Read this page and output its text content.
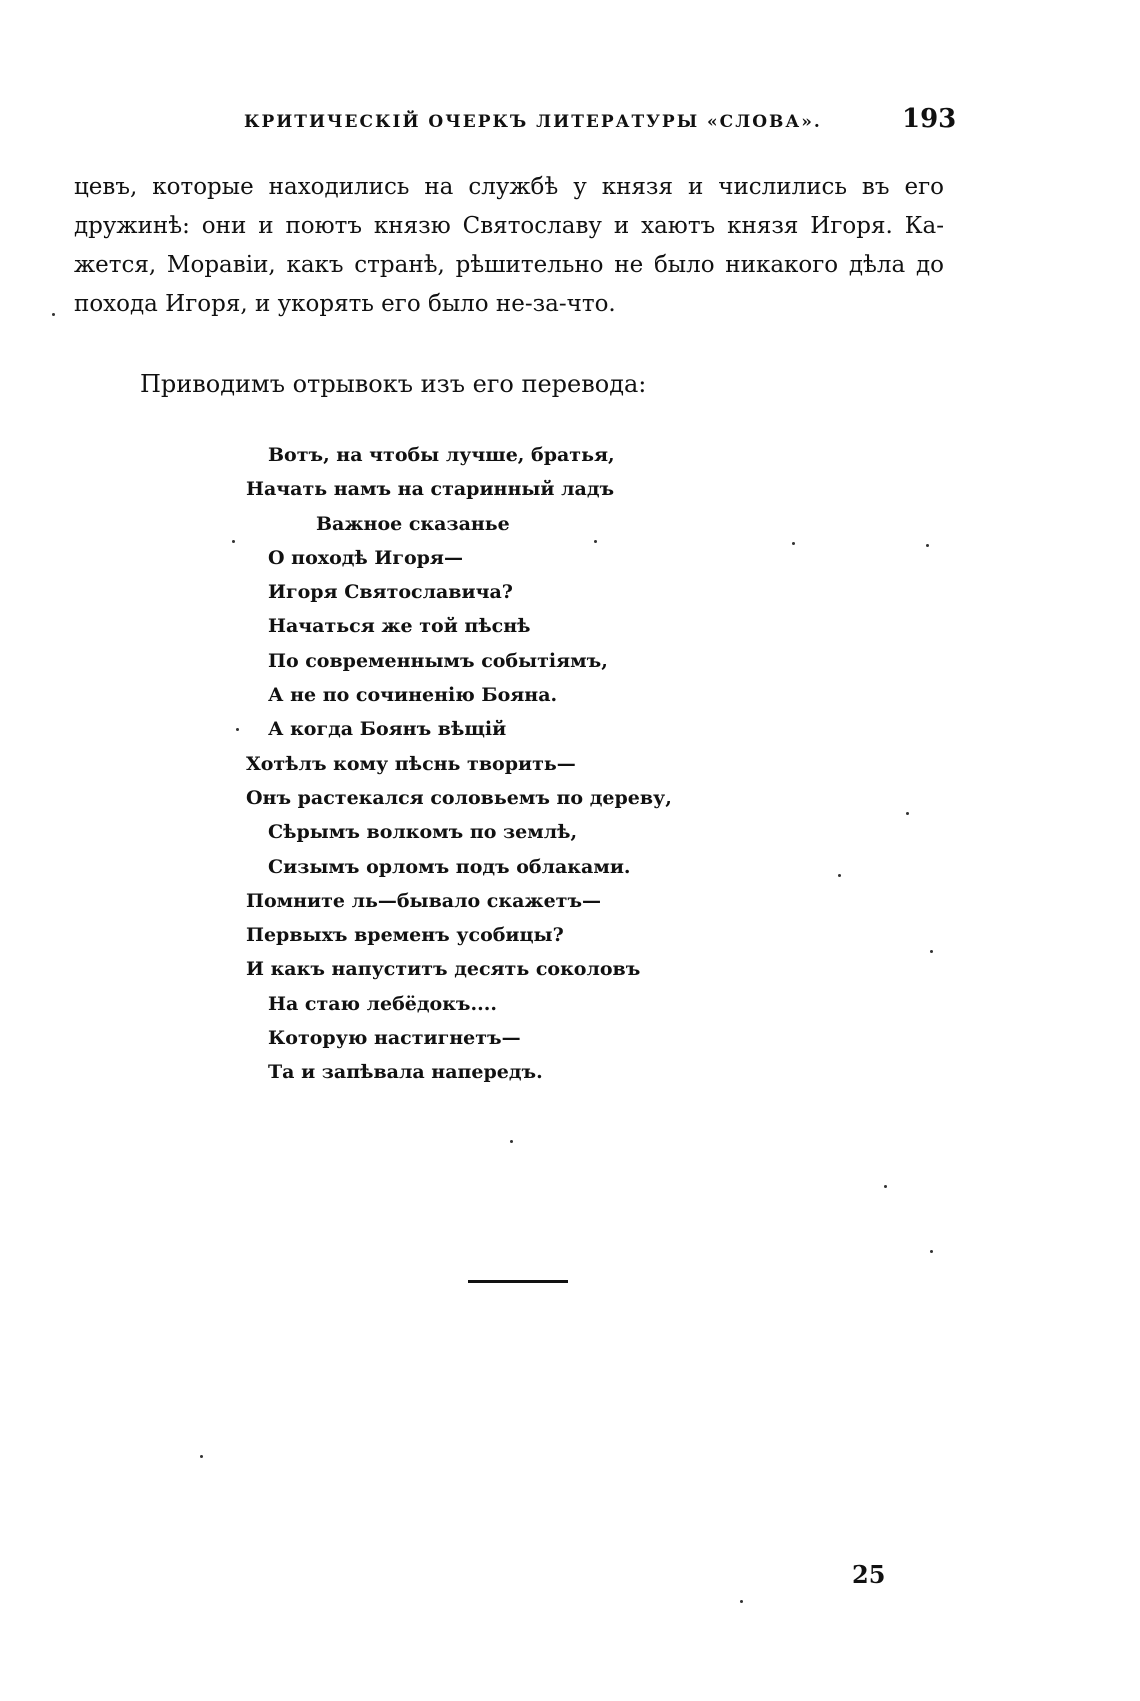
КРИТИЧЕСКІЙ ОЧЕРКЪ ЛИТЕРАТУРЫ «СЛОВА».	193
цевъ, которые находились на службѣ у князя и числились въ его
дружинѣ: они и поютъ князю Святославу и хаютъ князя Игоря. Ка-
жется, Моравіи, какъ странѣ, рѣшительно не было никакого дѣла до
похода Игоря, и укорять его было не-за-что.
Приводимъ отрывокъ изъ его перевода:
Вотъ, на чтобы лучше, братья,
Начать намъ на старинный ладъ
Важное сказанье
О походѣ Игоря—
Игоря Святославича?
Начаться же той пѣснѣ
По современнымъ событіямъ,
А не по сочиненію Бояна.
А когда Боянъ вѣщій
Хотѣлъ кому пѣснь творить—
Онъ растекался соловьемъ по дереву,
Сѣрымъ волкомъ по землѣ,
Сизымъ орломъ подъ облаками.
Помните ль—бывало скажетъ—
Первыхъ временъ усобицы?
И какъ напуститъ десять соколовъ
На стаю лебёдокъ....
Которую настигнетъ—
Та и запѣвала напередъ.
25
